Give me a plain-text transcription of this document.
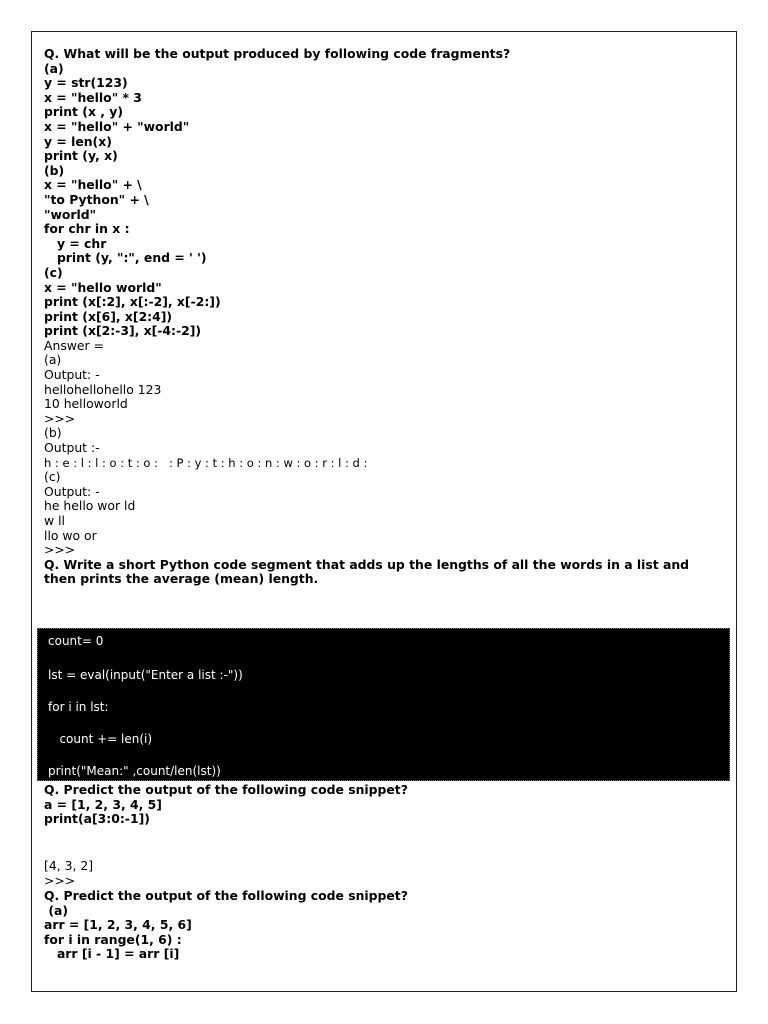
Q. What will be the output produced by following code fragments?
(a)
y = str(123)
x = "hello" * 3
print (x , y)
x = "hello" + "world"
y = len(x)
print (y, x)
(b)
x = "hello" + \
"to Python" + \
"world"
for chr in x :
y = chr
print (y, ":", end = ' ')
(c)
x = "hello world"
print (x[:2], x[:-2], x[-2:])
print (x[6], x[2:4])
print (x[2:-3], x[-4:-2])
Answer =
(a)
Output: -
hellohellohello 123
10 helloworld
>>>
(b)
Output :-
h : e : l : l : o : t : o :   : P : y : t : h : o : n : w : o : r : l : d :
(c)
Output: -
he hello wor ld
w ll
llo wo or
>>>
Q. Write a short Python code segment that adds up the lengths of all the words in a list and then prints the average (mean) length.
count= 0
lst = eval(input("Enter a list :-"))
for i in lst:
count += len(i)
print("Mean:" ,count/len(lst))
Q. Predict the output of the following code snippet?
a = [1, 2, 3, 4, 5]
print(a[3:0:-1])
[4, 3, 2]
>>>
Q. Predict the output of the following code snippet?
(a)
arr = [1, 2, 3, 4, 5, 6]
for i in range(1, 6) :
arr [i - 1] = arr [i]
